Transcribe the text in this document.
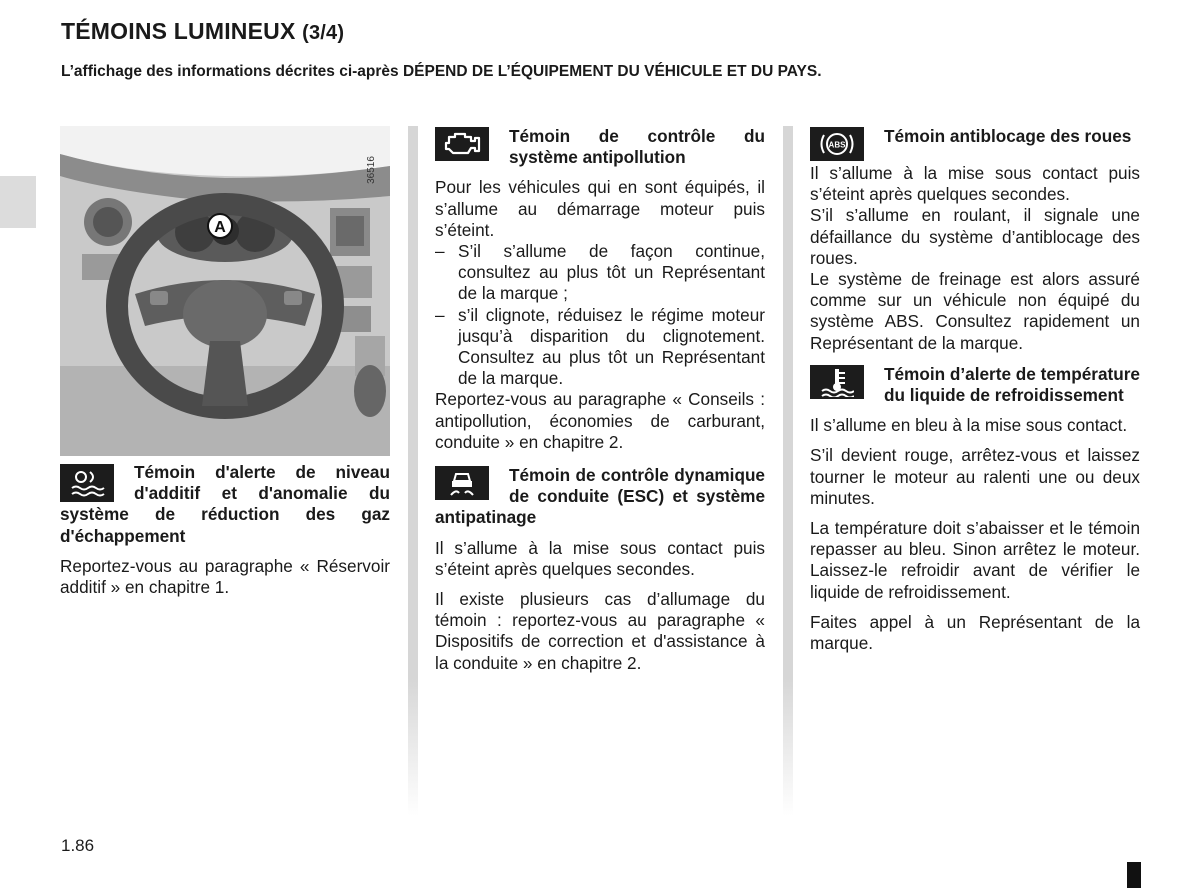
TÉMOINS LUMINEUX (3/4)
L’affichage des informations décrites ci-après DÉPEND DE L’ÉQUIPEMENT DU VÉHICULE ET DU PAYS.
A
36516

Témoin d'alerte de niveau d'additif et d'anomalie du système de réduction des gaz d'échappement

Reportez-vous au paragraphe « Réservoir additif » en chapitre 1.

Témoin de contrôle du système antipollution

Pour les véhicules qui en sont équipés, il s’allume au démarrage moteur puis s’éteint.

– S’il s’allume de façon continue, consultez au plus tôt un Représentant de la marque ;
– s’il clignote, réduisez le régime moteur jusqu’à disparition du clignotement. Consultez au plus tôt un Représentant de la marque.

Reportez-vous au paragraphe « Conseils : antipollution, économies de carburant, conduite » en chapitre 2.

Témoin de contrôle dynamique de conduite (ESC) et système antipatinage

Il s’allume à la mise sous contact puis s’éteint après quelques secondes.

Il existe plusieurs cas d’allumage du témoin : reportez-vous au paragraphe « Dispositifs de correction et d'assistance à la conduite » en chapitre 2.

ABS Témoin antiblocage des roues

Il s’allume à la mise sous contact puis s’éteint après quelques secondes.

S’il s’allume en roulant, il signale une défaillance du système d’antiblocage des roues.

Le système de freinage est alors assuré comme sur un véhicule non équipé du système ABS. Consultez rapidement un Représentant de la marque.

Témoin d’alerte de température du liquide de refroidissement

Il s’allume en bleu à la mise sous contact.

S’il devient rouge, arrêtez-vous et laissez tourner le moteur au ralenti une ou deux minutes.

La température doit s’abaisser et le témoin repasser au bleu. Sinon arrêtez le moteur. Laissez-le refroidir avant de vérifier le liquide de refroidissement.

Faites appel à un Représentant de la marque.

1.86
